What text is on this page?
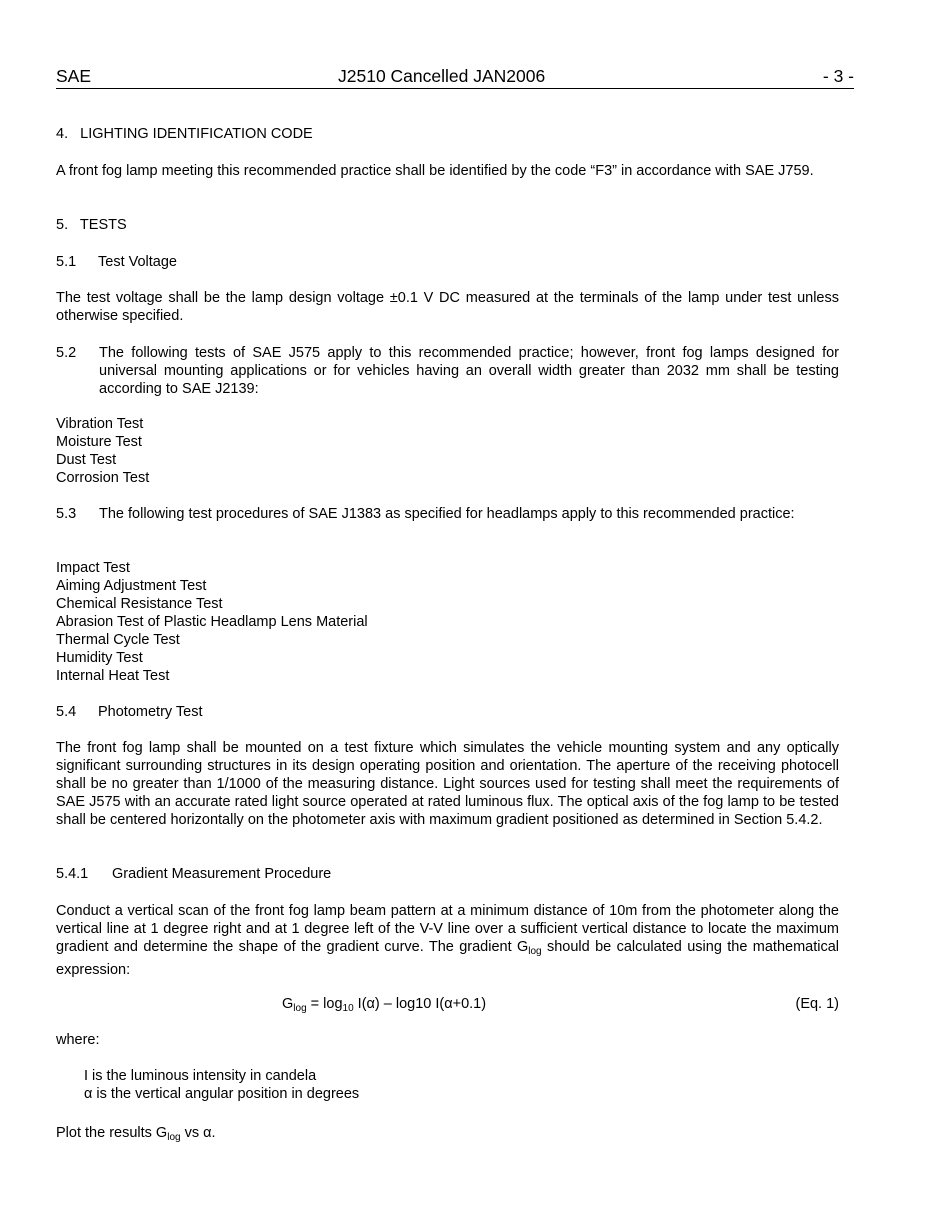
SAE	J2510 Cancelled JAN2006	- 3 -
4.   LIGHTING IDENTIFICATION CODE
A front fog lamp meeting this recommended practice shall be identified by the code “F3” in accordance with SAE J759.
5.   TESTS
5.1 Test Voltage
The test voltage shall be the lamp design voltage ±0.1 V DC measured at the terminals of the lamp under test unless otherwise specified.
5.2 The following tests of SAE J575 apply to this recommended practice; however, front fog lamps designed for universal mounting applications or for vehicles having an overall width greater than 2032 mm shall be testing according to SAE J2139:
Vibration Test
Moisture Test
Dust Test
Corrosion Test
5.3 The following test procedures of SAE J1383 as specified for headlamps apply to this recommended practice:
Impact Test
Aiming Adjustment Test
Chemical Resistance Test
Abrasion Test of Plastic Headlamp Lens Material
Thermal Cycle Test
Humidity Test
Internal Heat Test
5.4 Photometry Test
The front fog lamp shall be mounted on a test fixture which simulates the vehicle mounting system and any optically significant surrounding structures in its design operating position and orientation. The aperture of the receiving photocell shall be no greater than 1/1000 of the measuring distance. Light sources used for testing shall meet the requirements of SAE J575 with an accurate rated light source operated at rated luminous flux. The optical axis of the fog lamp to be tested shall be centered horizontally on the photometer axis with maximum gradient positioned as determined in Section 5.4.2.
5.4.1 Gradient Measurement Procedure
Conduct a vertical scan of the front fog lamp beam pattern at a minimum distance of 10m from the photometer along the vertical line at 1 degree right and at 1 degree left of the V-V line over a sufficient vertical distance to locate the maximum gradient and determine the shape of the gradient curve. The gradient $G_{log}$ should be calculated using the mathematical expression:
$G_{log} = \log_{10} I(\alpha) - \log 10$ I(α+0.1)	(Eq. 1)
where:
I is the luminous intensity in candela
α is the vertical angular position in degrees
Plot the results $G_{log}$ vs α.
